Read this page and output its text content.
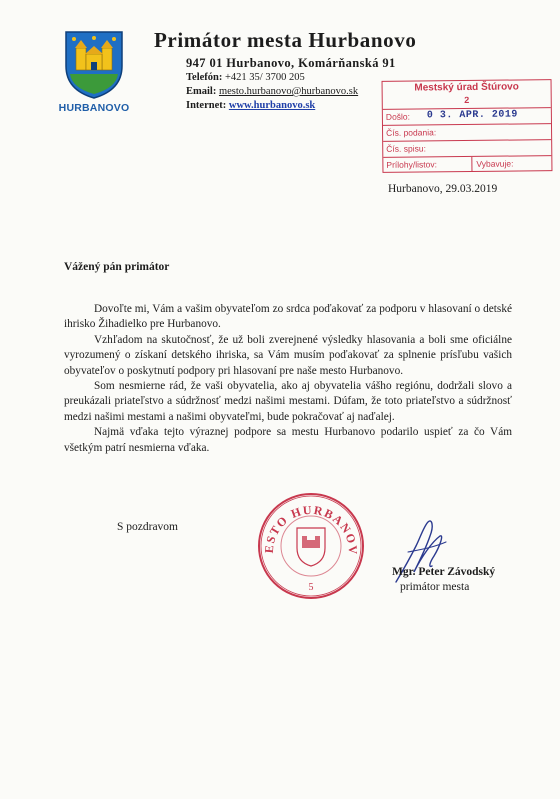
HURBANOVO
Primátor mesta Hurbanovo
947 01 Hurbanovo, Komárňanská 91
Telefón: +421 35/ 3700 205
Email: mesto.hurbanovo@hurbanovo.sk
Internet: www.hurbanovo.sk
Mestský úrad Štúrovo
2
Došlo: 0 3. APR. 2019
Čís. podania:
Čís. spisu:
Prílohy/listov:	Vybavuje:
Hurbanovo, 29.03.2019
Vážený pán primátor

Dovoľte mi, Vám a vašim obyvateľom zo srdca poďakovať za podporu v hlasovaní o detské ihrisko Žihadielko pre Hurbanovo.

Vzhľadom na skutočnosť, že už boli zverejnené výsledky hlasovania a boli sme oficiálne vyrozumený o získaní detského ihriska, sa Vám musím poďakovať za splnenie prísľubu vašich obyvateľov o poskytnutí podpory pri hlasovaní pre naše mesto Hurbanovo.

Som nesmierne rád, že vaši obyvatelia, ako aj obyvatelia vášho regiónu, dodržali slovo a preukázali priateľstvo a súdržnosť medzi našimi mestami. Dúfam, že toto priateľstvo a súdržnosť medzi našimi mestami a našimi obyvateľmi, bude pokračovať aj naďalej.

Najmä vďaka tejto výraznej podpore sa mestu Hurbanovo podarilo uspieť za čo Vám všetkým patrí nesmierna vďaka.

S pozdravom
ESTO HURBANOV
5
Mgr. Peter Závodský
primátor mesta
